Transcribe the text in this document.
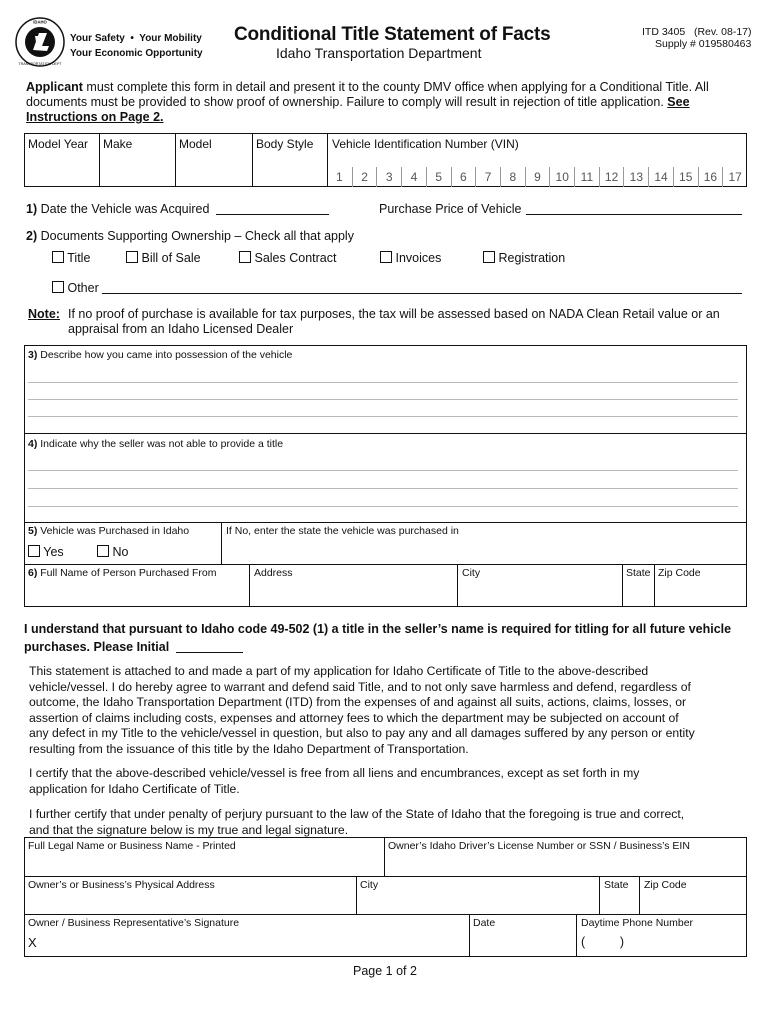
IDAHO
TRANSPORTATION DEPT
Your Safety  •  Your Mobility
Your Economic Opportunity
Conditional Title Statement of Facts
Idaho Transportation Department
ITD 3405   (Rev. 08-17)
Supply # 019580463
Applicant must complete this form in detail and present it to the county DMV office when applying for a Conditional Title. All documents must be provided to show proof of ownership. Failure to comply will result in rejection of title application. See
Instructions on Page 2.
Model Year Make	Model	Body Style Vehicle Identification Number (VIN)
1	2	3	4	5	6	7	8	9	10 11 12 13 14 15 16 17
1) Date the Vehicle was Acquired	Purchase Price of Vehicle
2) Documents Supporting Ownership – Check all that apply
Title	Bill of Sale	Sales Contract	Invoices	Registration
Other
Note: If no proof of purchase is available for tax purposes, the tax will be assessed based on NADA Clean Retail value or an
appraisal from an Idaho Licensed Dealer
3) Describe how you came into possession of the vehicle
4) Indicate why the seller was not able to provide a title
5) Vehicle was Purchased in Idaho
Yes	No
If No, enter the state the vehicle was purchased in
6) Full Name of Person Purchased From	Address	City	State Zip Code
I understand that pursuant to Idaho code 49-502 (1) a title in the seller’s name is required for titling for all future vehicle
purchases. Please Initial
This statement is attached to and made a part of my application for Idaho Certificate of Title to the above-described
vehicle/vessel. I do hereby agree to warrant and defend said Title, and to not only save harmless and defend, regardless of
outcome, the Idaho Transportation Department (ITD) from the expenses of and against all suits, actions, claims, losses, or
assertion of claims including costs, expenses and attorney fees to which the department may be subjected on account of
any defect in my Title to the vehicle/vessel in question, but also to pay any and all damages suffered by any person or entity
resulting from the issuance of this title by the Idaho Department of Transportation.
I certify that the above-described vehicle/vessel is free from all liens and encumbrances, except as set forth in my
application for Idaho Certificate of Title.
I further certify that under penalty of perjury pursuant to the law of the State of Idaho that the foregoing is true and correct,
and that the signature below is my true and legal signature.
Full Legal Name or Business Name - Printed	Owner’s Idaho Driver’s License Number or SSN / Business’s EIN
Owner’s or Business’s Physical Address	City	State Zip Code
Owner / Business Representative’s Signature
X
Date	Daytime Phone Number
(          )
Page 1 of 2
